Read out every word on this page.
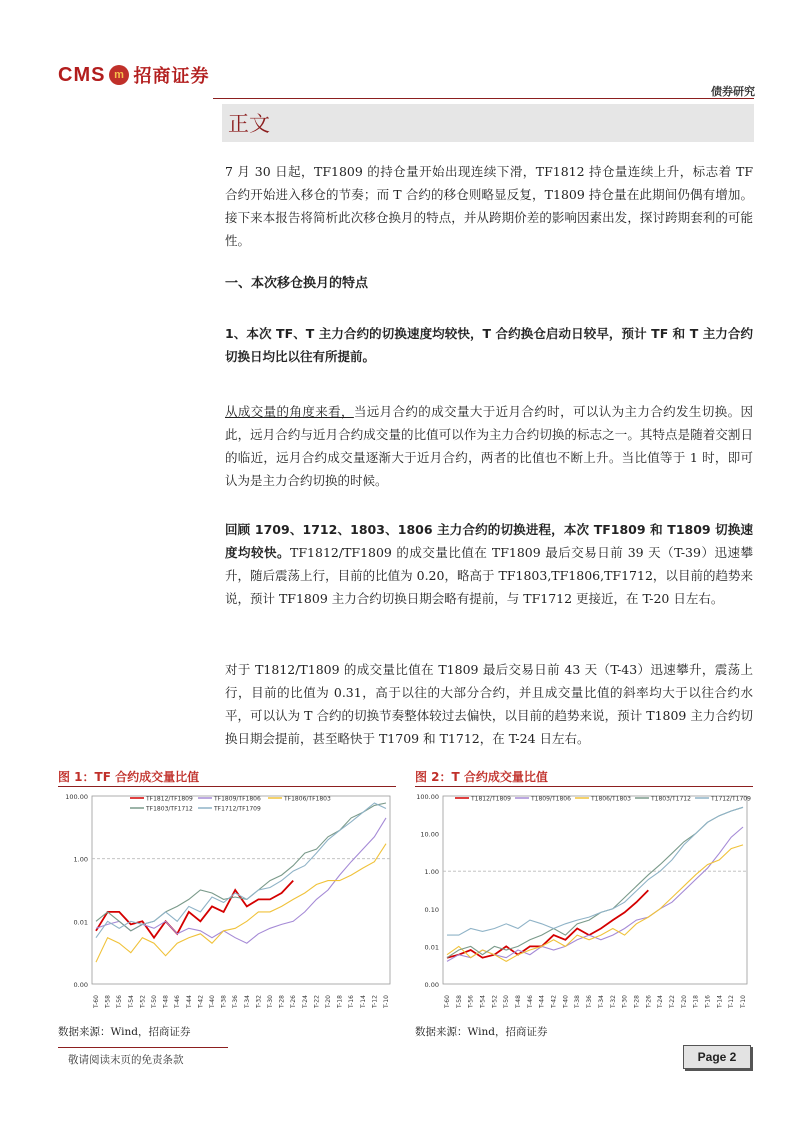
CMS m 招商证券
债券研究
正文
7 月 30 日起，TF1809 的持仓量开始出现连续下滑，TF1812 持仓量连续上升，标志着 TF 合约开始进入移仓的节奏；而 T 合约的移仓则略显反复，T1809 持仓量在此期间仍偶有增加。接下来本报告将简析此次移仓换月的特点，并从跨期价差的影响因素出发，探讨跨期套利的可能性。
一、本次移仓换月的特点
1、本次 TF、T 主力合约的切换速度均较快，T 合约换仓启动日较早，预计 TF 和 T 主力合约切换日均比以往有所提前。
从成交量的角度来看，当远月合约的成交量大于近月合约时，可以认为主力合约发生切换。因此，远月合约与近月合约成交量的比值可以作为主力合约切换的标志之一。其特点是随着交割日的临近，远月合约成交量逐渐大于近月合约，两者的比值也不断上升。当比值等于 1 时，即可认为是主力合约切换的时候。
回顾 1709、1712、1803、1806 主力合约的切换进程，本次 TF1809 和 T1809 切换速度均较快。TF1812/TF1809 的成交量比值在 TF1809 最后交易日前 39 天（T-39）迅速攀升，随后震荡上行，目前的比值为 0.20，略高于 TF1803,TF1806,TF1712，以目前的趋势来说，预计 TF1809 主力合约切换日期会略有提前，与 TF1712 更接近，在 T-20 日左右。
对于 T1812/T1809 的成交量比值在 T1809 最后交易日前 43 天（T-43）迅速攀升，震荡上行，目前的比值为 0.31，高于以往的大部分合约，并且成交量比值的斜率均大于以往合约水平，可以认为 T 合约的切换节奏整体较过去偏快，以目前的趋势来说，预计 T1809 主力合约切换日期会提前，甚至略快于 T1709 和 T1712，在 T-24 日左右。
图 1：TF 合约成交量比值
100.00
1.00
0.01
0.00
T-60 T-58 T-56 T-54 T-52 T-50 T-48 T-46 T-44 T-42 T-40 T-38 T-36 T-34 T-32 T-30 T-28 T-26 T-24 T-22 T-20 T-18 T-16 T-14 T-12 T-10
TF1812/TF1809	TF1809/TF1806	TF1806/TF1803
TF1803/TF1712	TF1712/TF1709
数据来源：Wind，招商证券
图 2：T 合约成交量比值
100.00
10.00
1.00
0.10
0.01
0.00
T-60 T-58 T-56 T-54 T-52 T-50 T-48 T-46 T-44 T-42 T-40 T-38 T-36 T-34 T-32 T-30 T-28 T-26 T-24 T-22 T-20 T-18 T-16 T-14 T-12 T-10
T1812/T1809	T1809/T1806	T1806/T1803	T1803/T1712	T1712/T1709
数据来源：Wind，招商证券
敬请阅读末页的免责条款	Page 2
